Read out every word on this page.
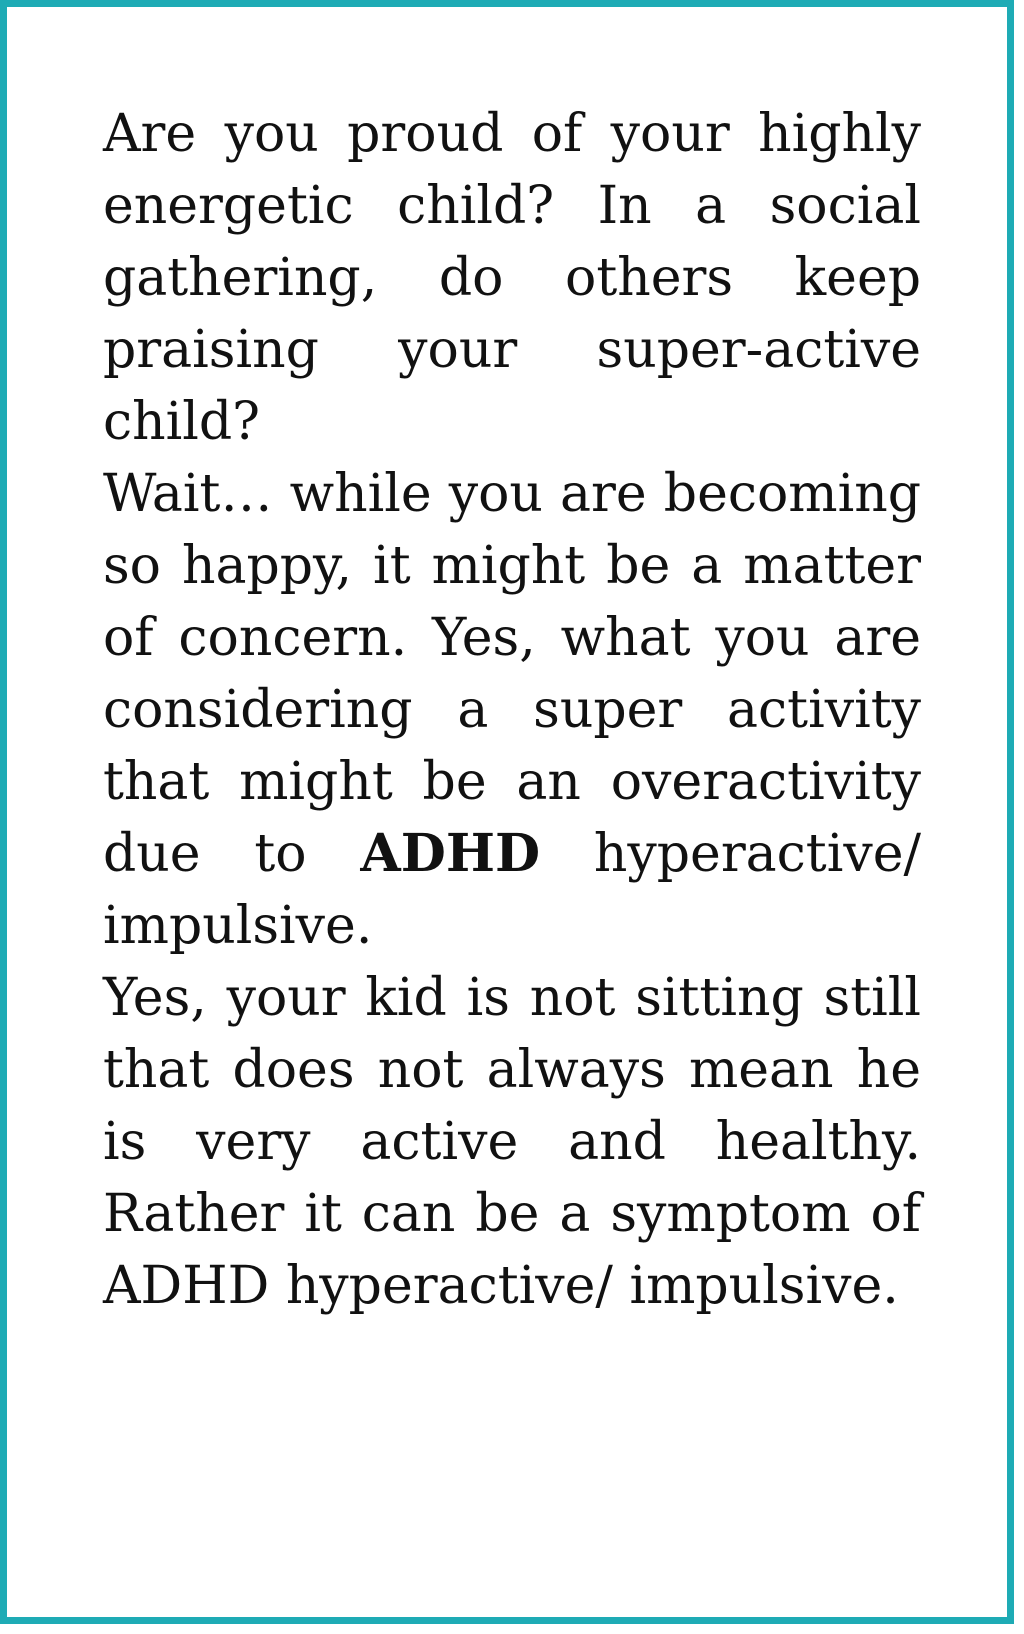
Are you proud of your highly energetic child? In a social gathering, do others keep praising your super-active child?

Wait… while you are becoming so happy, it might be a matter of concern. Yes, what you are considering a super activity that might be an overactivity due to ADHD hyperactive/ impulsive.

Yes, your kid is not sitting still that does not always mean he is very active and healthy. Rather it can be a symptom of ADHD hyperactive/ impulsive.
